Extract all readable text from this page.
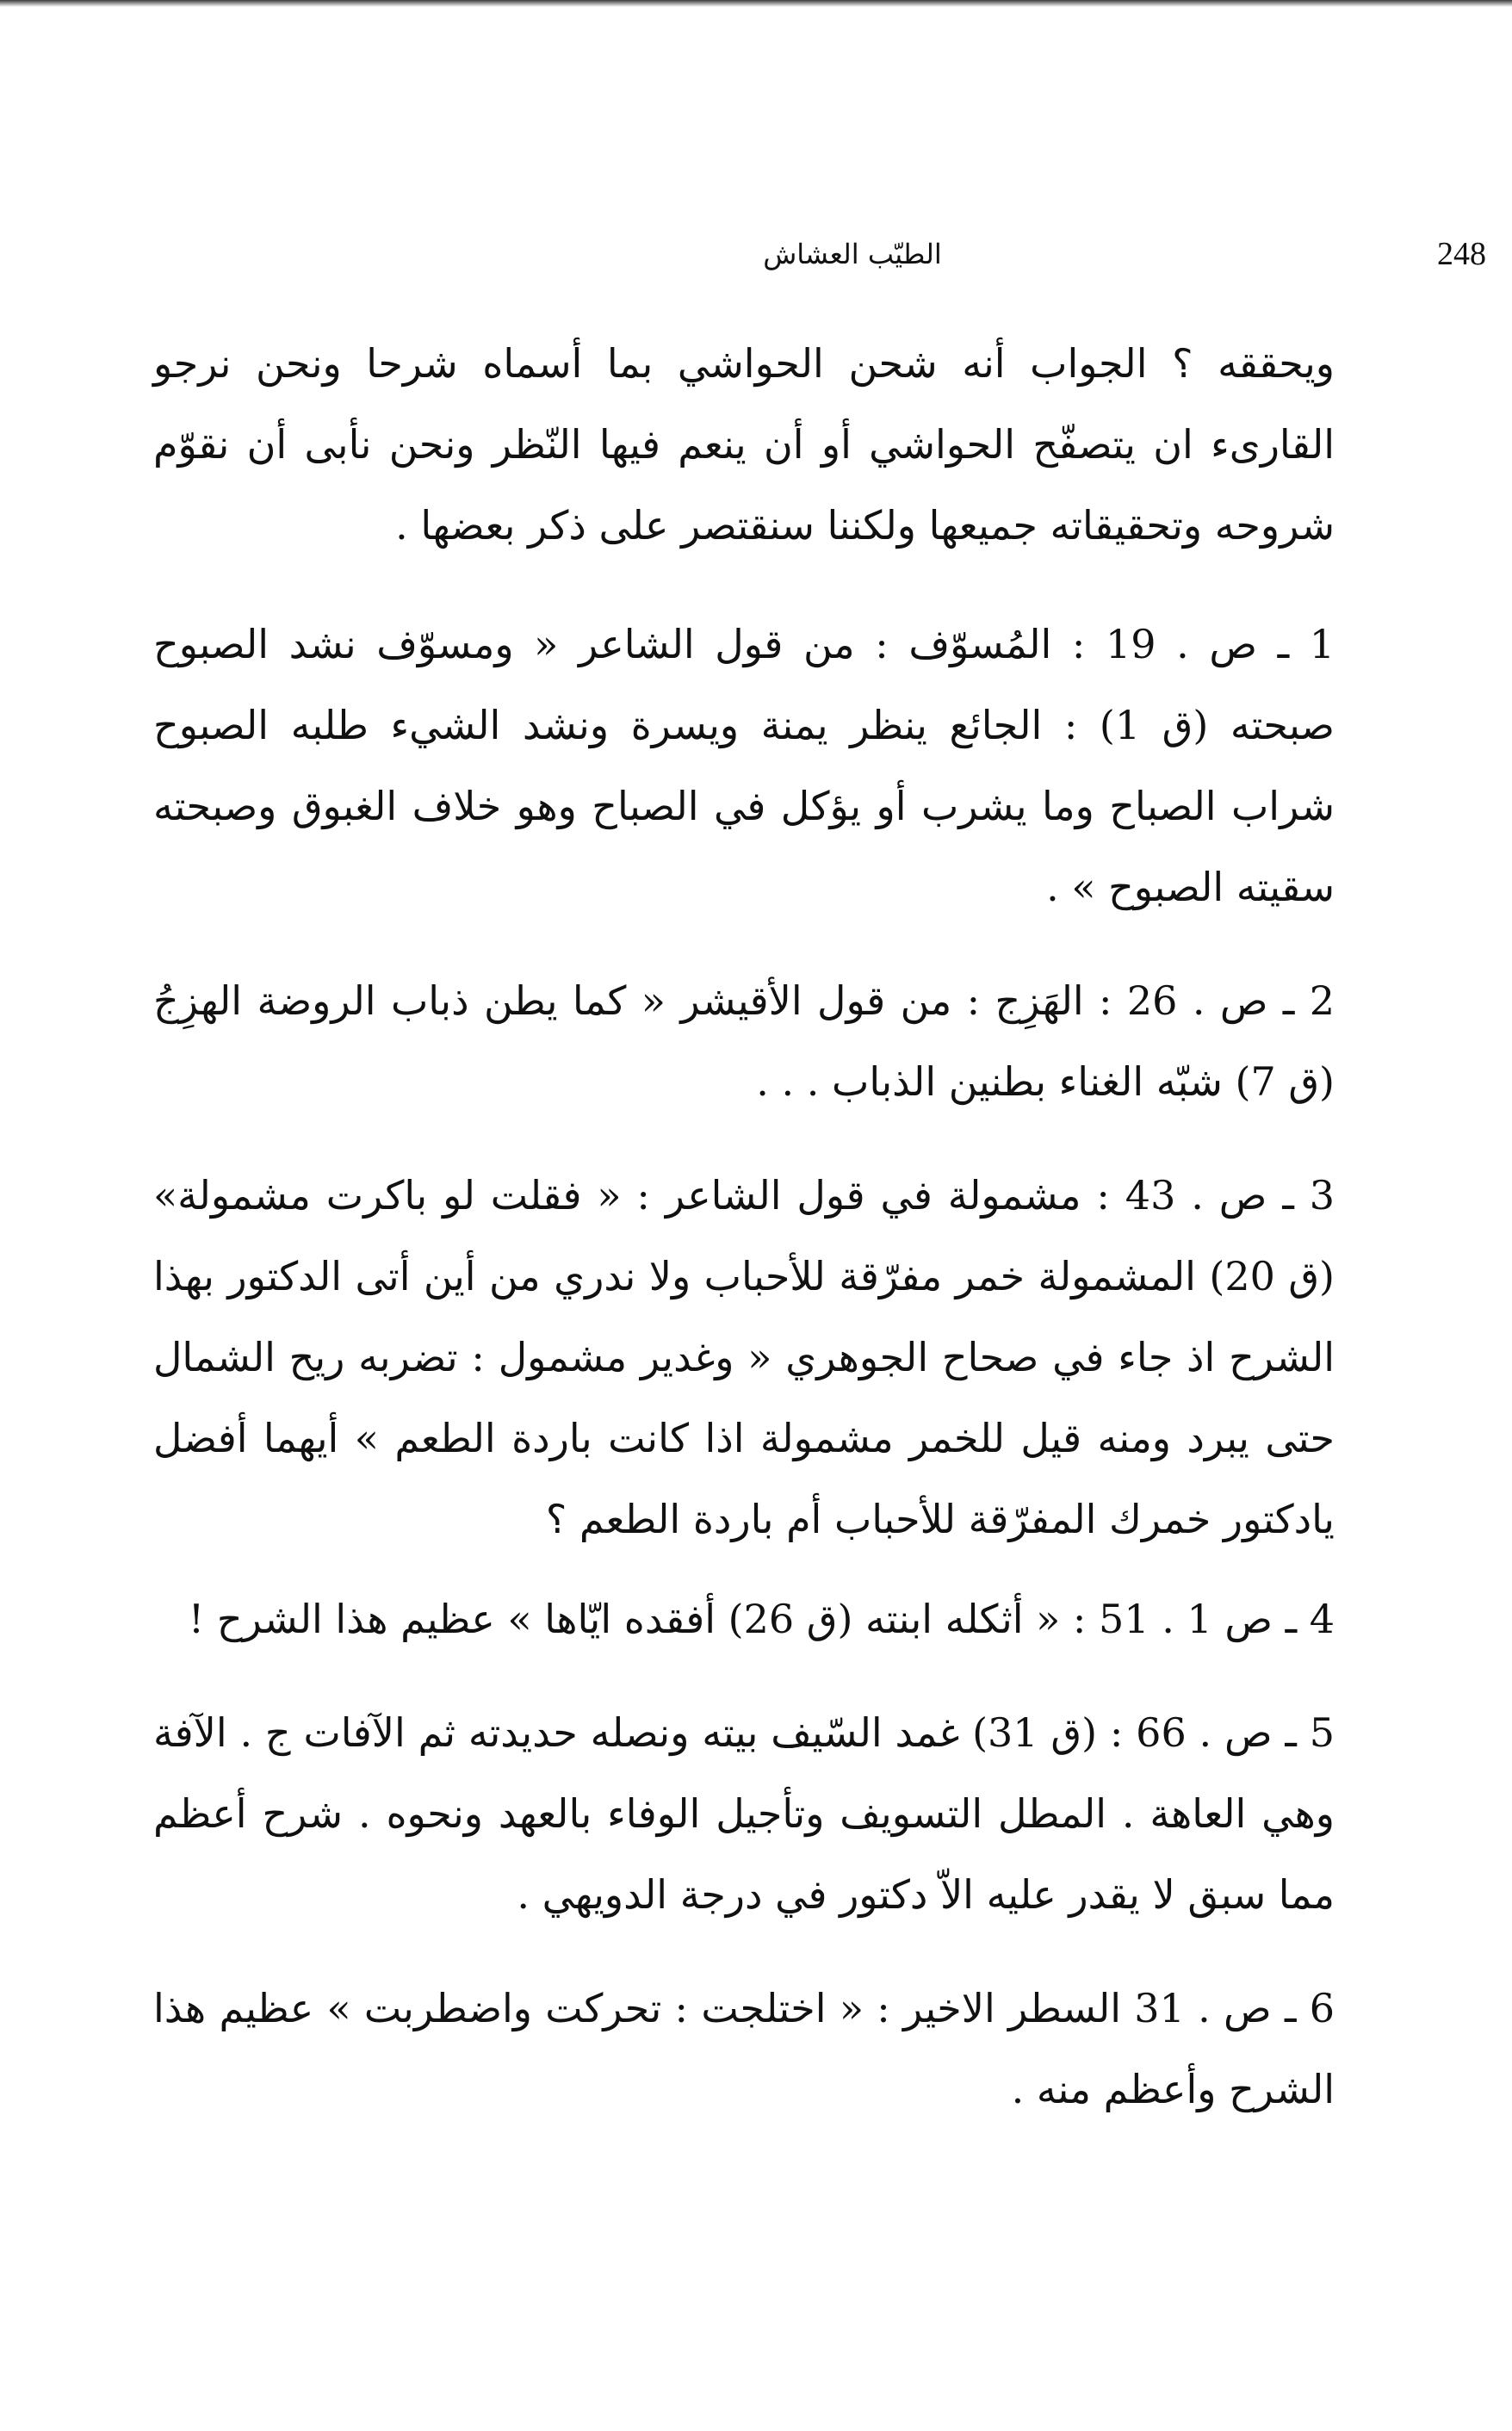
248
الطيّب العشاش

ويحققه ؟ الجواب أنه شحن الحواشي بما أسماه شرحا ونحن نرجو القارىء ان يتصفّح الحواشي أو أن ينعم فيها النّظر ونحن نأبى أن نقوّم شروحه وتحقيقاته جميعها ولكننا سنقتصر على ذكر بعضها .

1 ـ ص . 19 : المُسوّف : من قول الشاعر « ومسوّف نشد الصبوح صبحته (ق 1) : الجائع ينظر يمنة ويسرة ونشد الشيء طلبه الصبوح شراب الصباح وما يشرب أو يؤكل في الصباح وهو خلاف الغبوق وصبحته سقيته الصبوح » .

2 ـ ص . 26 : الهَزِج : من قول الأقيشر « كما يطن ذباب الروضة الهزِجُ (ق 7) شبّه الغناء بطنين الذباب . . .

3 ـ ص . 43 : مشمولة في قول الشاعر : « فقلت لو باكرت مشمولة» (ق 20) المشمولة خمر مفرّقة للأحباب ولا ندري من أين أتى الدكتور بهذا الشرح اذ جاء في صحاح الجوهري « وغدير مشمول : تضربه ريح الشمال حتى يبرد ومنه قيل للخمر مشمولة اذا كانت باردة الطعم » أيهما أفضل يادكتور خمرك المفرّقة للأحباب أم باردة الطعم ؟

4 ـ ص 1 . 51 : « أثكله ابنته (ق 26) أفقده ايّاها » عظيم هذا الشرح !

5 ـ ص . 66 : (ق 31) غمد السّيف بيته ونصله حديدته ثم الآفات ج . الآفة وهي العاهة . المطل التسويف وتأجيل الوفاء بالعهد ونحوه . شرح أعظم مما سبق لا يقدر عليه الاّ دكتور في درجة الدويهي .

6 ـ ص . 31 السطر الاخير : « اختلجت : تحركت واضطربت » عظيم هذا الشرح وأعظم منه .
